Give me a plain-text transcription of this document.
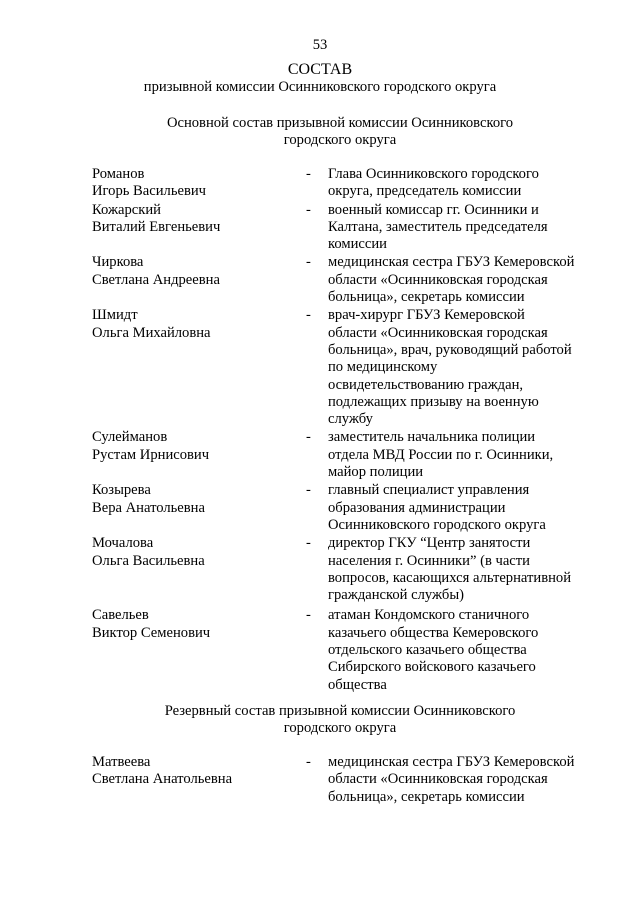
53
СОСТАВ
призывной комиссии Осинниковского городского округа
Основной состав призывной комиссии Осинниковского
городского округа
Романов
Игорь Васильевич
-	Глава Осинниковского городского
округа, председатель комиссии
Кожарский
Виталий Евгеньевич
-	военный комиссар гг. Осинники и
Калтана, заместитель председателя
комиссии
Чиркова
Светлана Андреевна
-	медицинская сестра ГБУЗ Кемеровской
области «Осинниковская городская
больница», секретарь комиссии
Шмидт
Ольга Михайловна
-	врач-хирург ГБУЗ Кемеровской
области «Осинниковская городская
больница», врач, руководящий работой
по медицинскому
освидетельствованию граждан,
подлежащих призыву на военную
службу
Сулейманов
Рустам Ирнисович
-	заместитель начальника полиции
отдела МВД России по г. Осинники,
майор полиции
Козырева
Вера Анатольевна
-	главный специалист управления
образования администрации
Осинниковского городского округа
Мочалова
Ольга Васильевна
-	директор ГКУ “Центр занятости
населения г. Осинники” (в части
вопросов, касающихся альтернативной
гражданской службы)
Савельев
Виктор Семенович
-	атаман Кондомского станичного
казачьего общества Кемеровского
отдельского казачьего общества
Сибирского войскового казачьего
общества
Резервный состав призывной комиссии Осинниковского
городского округа
Матвеева
Светлана Анатольевна
-	медицинская сестра ГБУЗ Кемеровской
области «Осинниковская городская
больница», секретарь комиссии
